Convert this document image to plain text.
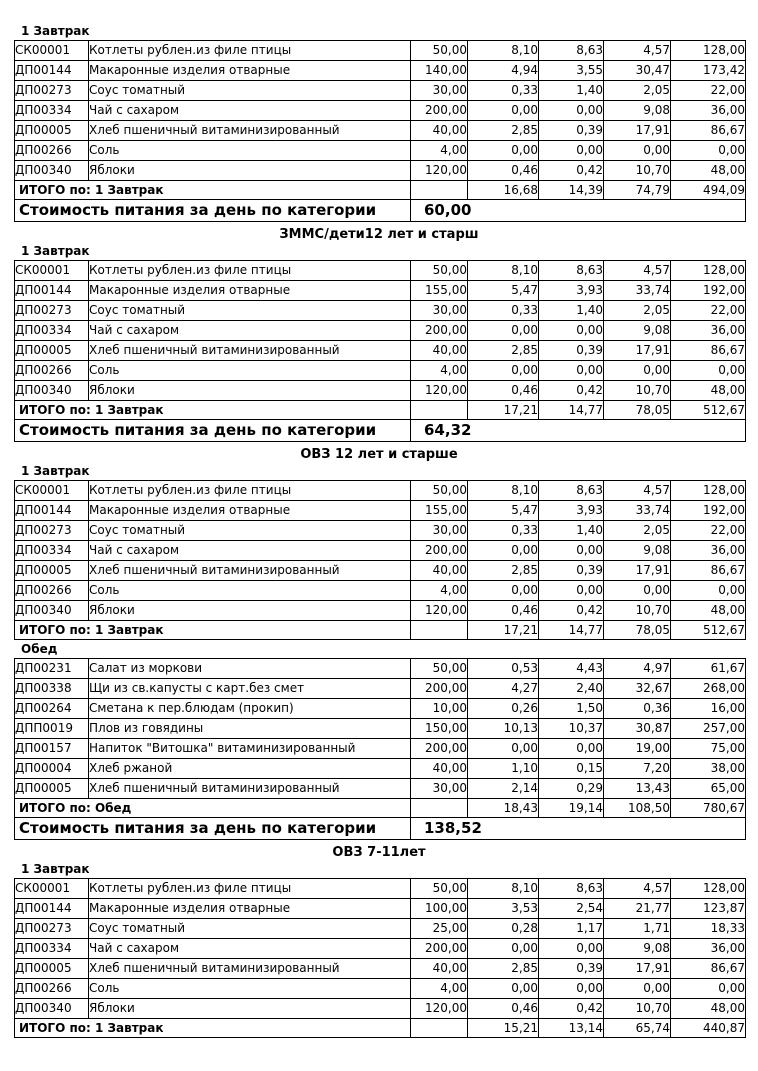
1 Завтрак
СК00001	Котлеты рублен.из филе птицы	50,00	8,10	8,63	4,57	128,00
ДП00144	Макаронные изделия отварные	140,00	4,94	3,55	30,47	173,42
ДП00273	Соус томатный	30,00	0,33	1,40	2,05	22,00
ДП00334	Чай с сахаром	200,00	0,00	0,00	9,08	36,00
ДП00005	Хлеб пшеничный витаминизированный	40,00	2,85	0,39	17,91	86,67
ДП00266	Соль	4,00	0,00	0,00	0,00	0,00
ДП00340	Яблоки	120,00	0,46	0,42	10,70	48,00
ИТОГО по: 1 Завтрак			16,68	14,39	74,79	494,09
Стоимость питания за день по категории		60,00				
ЗММС/дети12 лет и старш
1 Завтрак
СК00001	Котлеты рублен.из филе птицы	50,00	8,10	8,63	4,57	128,00
ДП00144	Макаронные изделия отварные	155,00	5,47	3,93	33,74	192,00
ДП00273	Соус томатный	30,00	0,33	1,40	2,05	22,00
ДП00334	Чай с сахаром	200,00	0,00	0,00	9,08	36,00
ДП00005	Хлеб пшеничный витаминизированный	40,00	2,85	0,39	17,91	86,67
ДП00266	Соль	4,00	0,00	0,00	0,00	0,00
ДП00340	Яблоки	120,00	0,46	0,42	10,70	48,00
ИТОГО по: 1 Завтрак			17,21	14,77	78,05	512,67
Стоимость питания за день по категории		64,32				
ОВЗ 12 лет и старше
1 Завтрак
СК00001	Котлеты рублен.из филе птицы	50,00	8,10	8,63	4,57	128,00
ДП00144	Макаронные изделия отварные	155,00	5,47	3,93	33,74	192,00
ДП00273	Соус томатный	30,00	0,33	1,40	2,05	22,00
ДП00334	Чай с сахаром	200,00	0,00	0,00	9,08	36,00
ДП00005	Хлеб пшеничный витаминизированный	40,00	2,85	0,39	17,91	86,67
ДП00266	Соль	4,00	0,00	0,00	0,00	0,00
ДП00340	Яблоки	120,00	0,46	0,42	10,70	48,00
ИТОГО по: 1 Завтрак			17,21	14,77	78,05	512,67
Обед
ДП00231	Салат из моркови	50,00	0,53	4,43	4,97	61,67
ДП00338	Щи из св.капусты с карт.без смет	200,00	4,27	2,40	32,67	268,00
ДП00264	Сметана к пер.блюдам (прокип)	10,00	0,26	1,50	0,36	16,00
ДПП0019	Плов из говядины	150,00	10,13	10,37	30,87	257,00
ДП00157	Напиток "Витошка" витаминизированный	200,00	0,00	0,00	19,00	75,00
ДП00004	Хлеб ржаной	40,00	1,10	0,15	7,20	38,00
ДП00005	Хлеб пшеничный витаминизированный	30,00	2,14	0,29	13,43	65,00
ИТОГО по: Обед			18,43	19,14	108,50	780,67
Стоимость питания за день по категории		138,52				
ОВЗ 7-11лет
1 Завтрак
СК00001	Котлеты рублен.из филе птицы	50,00	8,10	8,63	4,57	128,00
ДП00144	Макаронные изделия отварные	100,00	3,53	2,54	21,77	123,87
ДП00273	Соус томатный	25,00	0,28	1,17	1,71	18,33
ДП00334	Чай с сахаром	200,00	0,00	0,00	9,08	36,00
ДП00005	Хлеб пшеничный витаминизированный	40,00	2,85	0,39	17,91	86,67
ДП00266	Соль	4,00	0,00	0,00	0,00	0,00
ДП00340	Яблоки	120,00	0,46	0,42	10,70	48,00
ИТОГО по: 1 Завтрак			15,21	13,14	65,74	440,87
